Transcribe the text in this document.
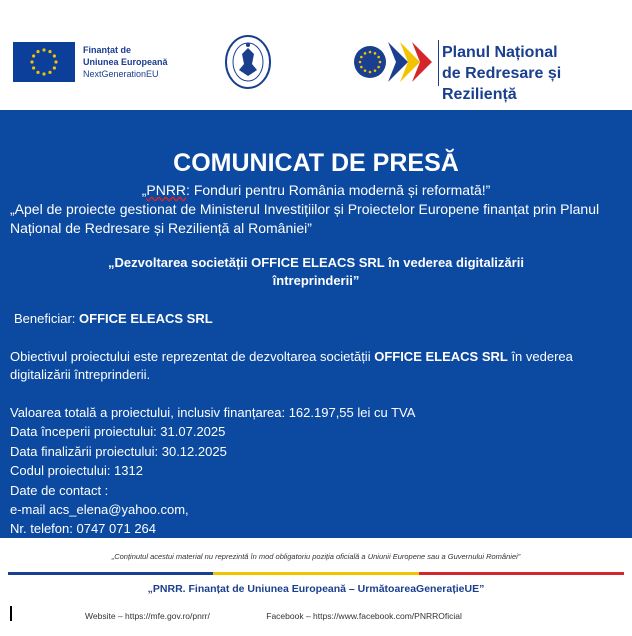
Finanțat de
Uniunea Europeană
NextGenerationEU
Planul Național
de Redresare și Reziliență
COMUNICAT DE PRESĂ
„PNRR: Fonduri pentru România modernă și reformată!”
„Apel de proiecte gestionat de Ministerul Investițiilor și Proiectelor Europene finanțat prin Planul Național de Redresare și Reziliență al României”
„Dezvoltarea societății OFFICE ELEACS SRL în vederea digitalizării
întreprinderii”
Beneficiar: OFFICE ELEACS SRL
Obiectivul proiectului este reprezentat de dezvoltarea societății OFFICE ELEACS SRL în vederea digitalizării întreprinderii.
Valoarea totală a proiectului, inclusiv finanțarea: 162.197,55 lei cu TVA
Data începerii proiectului: 31.07.2025
Data finalizării proiectului: 30.12.2025
Codul proiectului: 1312
Date de contact :
e-mail acs_elena@yahoo.com,
Nr. telefon: 0747 071 264
„Conținutul acestui material nu reprezintă în mod obligatoriu poziția oficială a Uniunii Europene sau a Guvernului României”
„PNRR. Finanțat de Uniunea Europeană – UrmătoareaGenerațieUE”
Website – https://mfe.gov.ro/pnrr/	Facebook – https://www.facebook.com/PNRROficial
